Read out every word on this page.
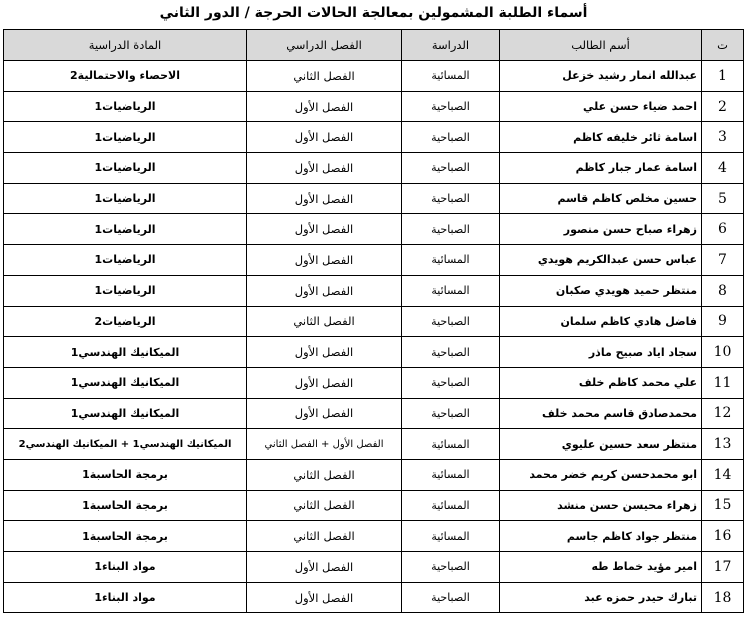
أسماء الطلبة المشمولين بمعالجة الحالات الحرجة / الدور الثاني
ت	أسم الطالب	الدراسة	الفصل الدراسي	المادة الدراسية
1	عبدالله انمار رشيد خزعل	المسائية	الفصل الثاني	الاحصاء والاحتمالية2
2	احمد ضياء حسن علي	الصباحية	الفصل الأول	الرياضيات1
3	اسامة ثائر خليفه كاظم	الصباحية	الفصل الأول	الرياضيات1
4	اسامة عمار جبار كاظم	الصباحية	الفصل الأول	الرياضيات1
5	حسين مخلص كاظم قاسم	الصباحية	الفصل الأول	الرياضيات1
6	زهراء صباح حسن منصور	الصباحية	الفصل الأول	الرياضيات1
7	عباس حسن عبدالكريم هويدي	المسائية	الفصل الأول	الرياضيات1
8	منتظر حميد هويدي صكبان	المسائية	الفصل الأول	الرياضيات1
9	فاضل هادي كاظم سلمان	الصباحية	الفصل الثاني	الرياضيات2
10	سجاد اياد صبيح ماذر	الصباحية	الفصل الأول	الميكانيك الهندسي1
11	علي محمد كاظم خلف	الصباحية	الفصل الأول	الميكانيك الهندسي1
12	محمدصادق قاسم محمد خلف	الصباحية	الفصل الأول	الميكانيك الهندسي1
13	منتظر سعد حسين عليوي	المسائية	الفصل الأول + الفصل الثاني	الميكانيك الهندسي1 + الميكانيك الهندسي2
14	ابو محمدحسن كريم خضر محمد	المسائية	الفصل الثاني	برمجة الحاسبة1
15	زهراء محيسن حسن منشد	المسائية	الفصل الثاني	برمجة الحاسبة1
16	منتظر جواد كاظم جاسم	المسائية	الفصل الثاني	برمجة الحاسبة1
17	امير مؤيد خماط طه	الصباحية	الفصل الأول	مواد البناء1
18	تبارك حيدر حمزه عبد	الصباحية	الفصل الأول	مواد البناء1
